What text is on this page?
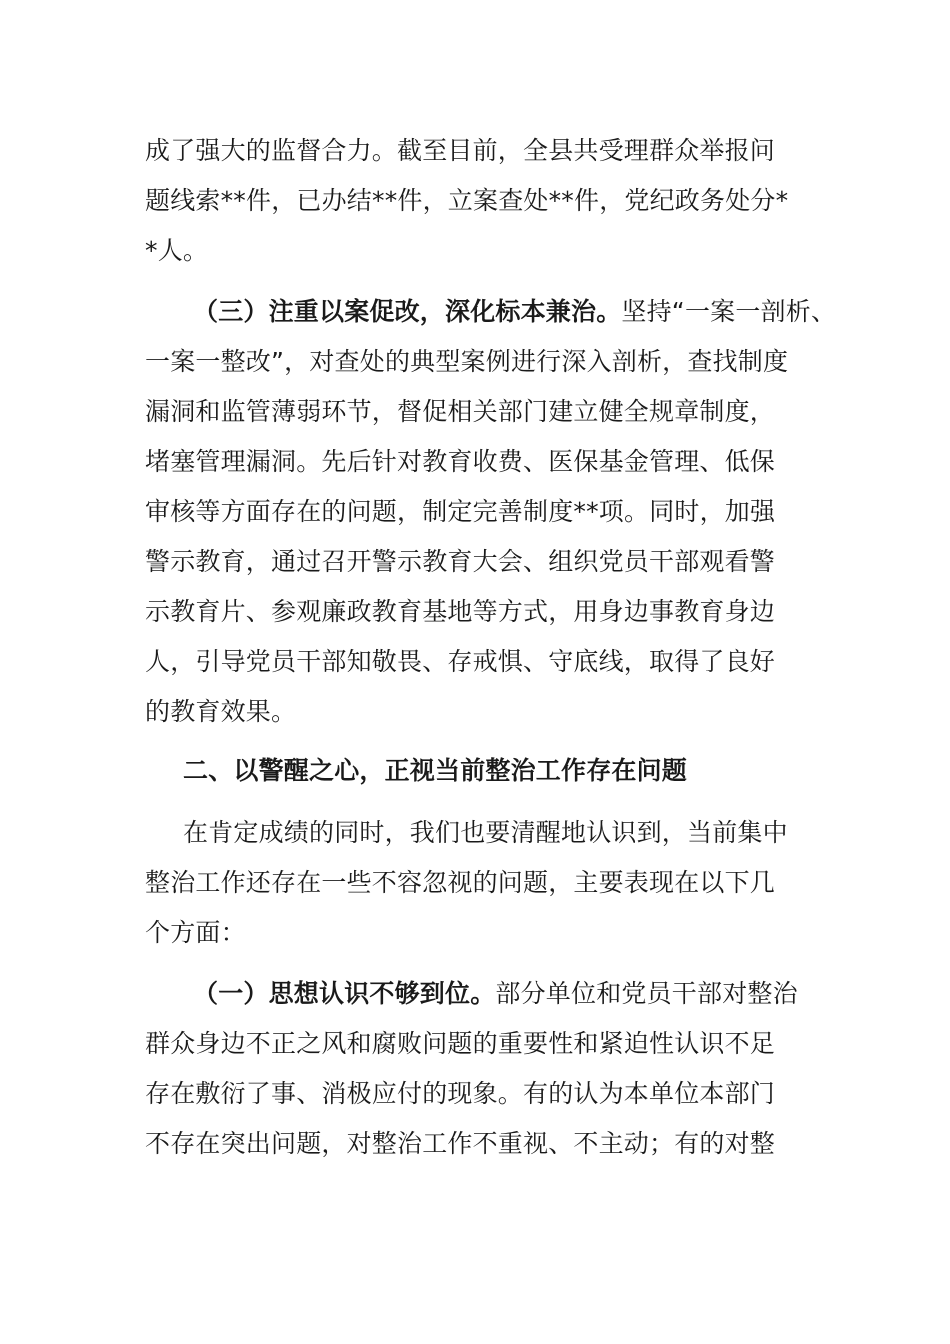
成了强大的监督合力。截至目前，全县共受理群众举报问
题线索**件，已办结**件，立案查处**件，党纪政务处分*
*人。
（三）注重以案促改，深化标本兼治。坚持“一案一剖析、
一案一整改”，对查处的典型案例进行深入剖析，查找制度
漏洞和监管薄弱环节，督促相关部门建立健全规章制度，
堵塞管理漏洞。先后针对教育收费、医保基金管理、低保
审核等方面存在的问题，制定完善制度**项。同时，加强
警示教育，通过召开警示教育大会、组织党员干部观看警
示教育片、参观廉政教育基地等方式，用身边事教育身边
人，引导党员干部知敬畏、存戒惧、守底线，取得了良好
的教育效果。
二、以警醒之心，正视当前整治工作存在问题
在肯定成绩的同时，我们也要清醒地认识到，当前集中
整治工作还存在一些不容忽视的问题，主要表现在以下几
个方面：
（一）思想认识不够到位。部分单位和党员干部对整治
群众身边不正之风和腐败问题的重要性和紧迫性认识不足
存在敷衍了事、消极应付的现象。有的认为本单位本部门
不存在突出问题，对整治工作不重视、不主动；有的对整
